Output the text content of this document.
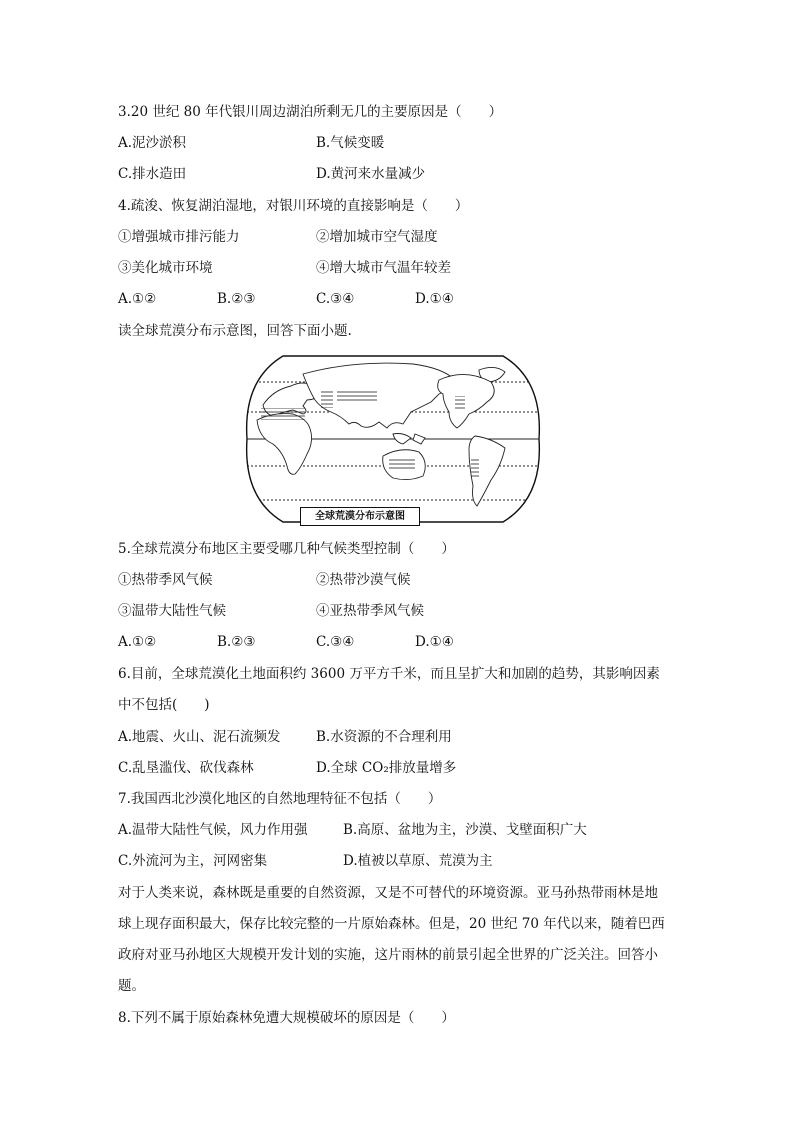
3.20 世纪 80 年代银川周边湖泊所剩无几的主要原因是（　　）
A.泥沙淤积	B.气候变暖
C.排水造田	D.黄河来水量减少
4.疏浚、恢复湖泊湿地，对银川环境的直接影响是（　　）
①增强城市排污能力	②增加城市空气湿度
③美化城市环境	④增大城市气温年较差
A.①②	B.②③	C.③④	D.①④
读全球荒漠分布示意图，回答下面小题.
全球荒漠分布示意图
5.全球荒漠分布地区主要受哪几种气候类型控制（　　）
①热带季风气候	②热带沙漠气候
③温带大陆性气候	④亚热带季风气候
A.①②	B.②③	C.③④	D.①④
6.目前，全球荒漠化土地面积约 3600 万平方千米，而且呈扩大和加剧的趋势，其影响因素
中不包括(　　)
A.地震、火山、泥石流频发	B.水资源的不合理利用
C.乱垦滥伐、砍伐森林	D.全球 CO₂排放量增多
7.我国西北沙漠化地区的自然地理特征不包括（　　）
A.温带大陆性气候，风力作用强	B.高原、盆地为主，沙漠、戈壁面积广大
C.外流河为主，河网密集	D.植被以草原、荒漠为主
对于人类来说，森林既是重要的自然资源，又是不可替代的环境资源。亚马孙热带雨林是地
球上现存面积最大，保存比较完整的一片原始森林。但是，20 世纪 70 年代以来，随着巴西
政府对亚马孙地区大规模开发计划的实施，这片雨林的前景引起全世界的广泛关注。回答小
题。
8.下列不属于原始森林免遭大规模破坏的原因是（　　）
